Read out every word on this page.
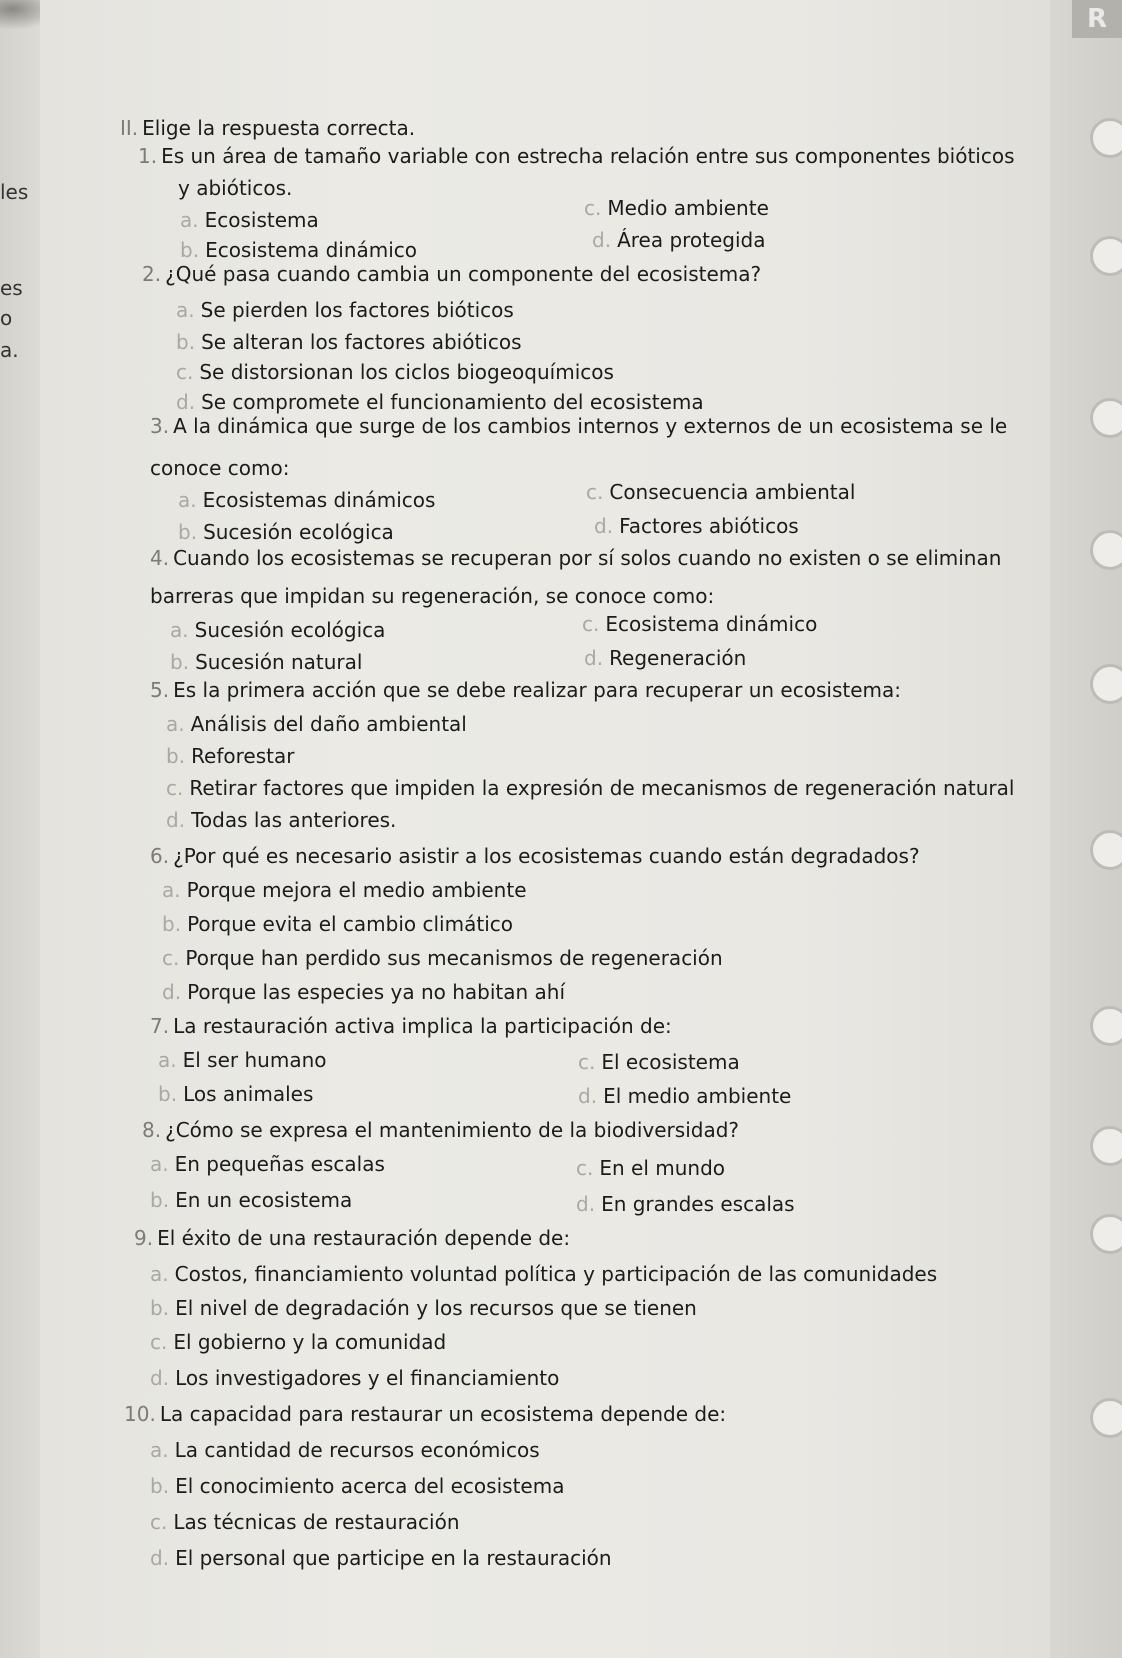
R
les
es
o
a.
II. Elige la respuesta correcta.
1. Es un área de tamaño variable con estrecha relación entre sus componentes bióticos
y abióticos.
a. Ecosistema
b. Ecosistema dinámico
c. Medio ambiente
d. Área protegida
2. ¿Qué pasa cuando cambia un componente del ecosistema?
a. Se pierden los factores bióticos
b. Se alteran los factores abióticos
c. Se distorsionan los ciclos biogeoquímicos
d. Se compromete el funcionamiento del ecosistema
3. A la dinámica que surge de los cambios internos y externos de un ecosistema se le
conoce como:
a. Ecosistemas dinámicos
b. Sucesión ecológica
c. Consecuencia ambiental
d. Factores abióticos
4. Cuando los ecosistemas se recuperan por sí solos cuando no existen o se eliminan
barreras que impidan su regeneración, se conoce como:
a. Sucesión ecológica
b. Sucesión natural
c. Ecosistema dinámico
d. Regeneración
5. Es la primera acción que se debe realizar para recuperar un ecosistema:
a. Análisis del daño ambiental
b. Reforestar
c. Retirar factores que impiden la expresión de mecanismos de regeneración natural
d. Todas las anteriores.
6. ¿Por qué es necesario asistir a los ecosistemas cuando están degradados?
a. Porque mejora el medio ambiente
b. Porque evita el cambio climático
c. Porque han perdido sus mecanismos de regeneración
d. Porque las especies ya no habitan ahí
7. La restauración activa implica la participación de:
a. El ser humano
b. Los animales
c. El ecosistema
d. El medio ambiente
8. ¿Cómo se expresa el mantenimiento de la biodiversidad?
a. En pequeñas escalas
b. En un ecosistema
c. En el mundo
d. En grandes escalas
9. El éxito de una restauración depende de:
a. Costos, financiamiento voluntad política y participación de las comunidades
b. El nivel de degradación y los recursos que se tienen
c. El gobierno y la comunidad
d. Los investigadores y el financiamiento
10. La capacidad para restaurar un ecosistema depende de:
a. La cantidad de recursos económicos
b. El conocimiento acerca del ecosistema
c. Las técnicas de restauración
d. El personal que participe en la restauración
